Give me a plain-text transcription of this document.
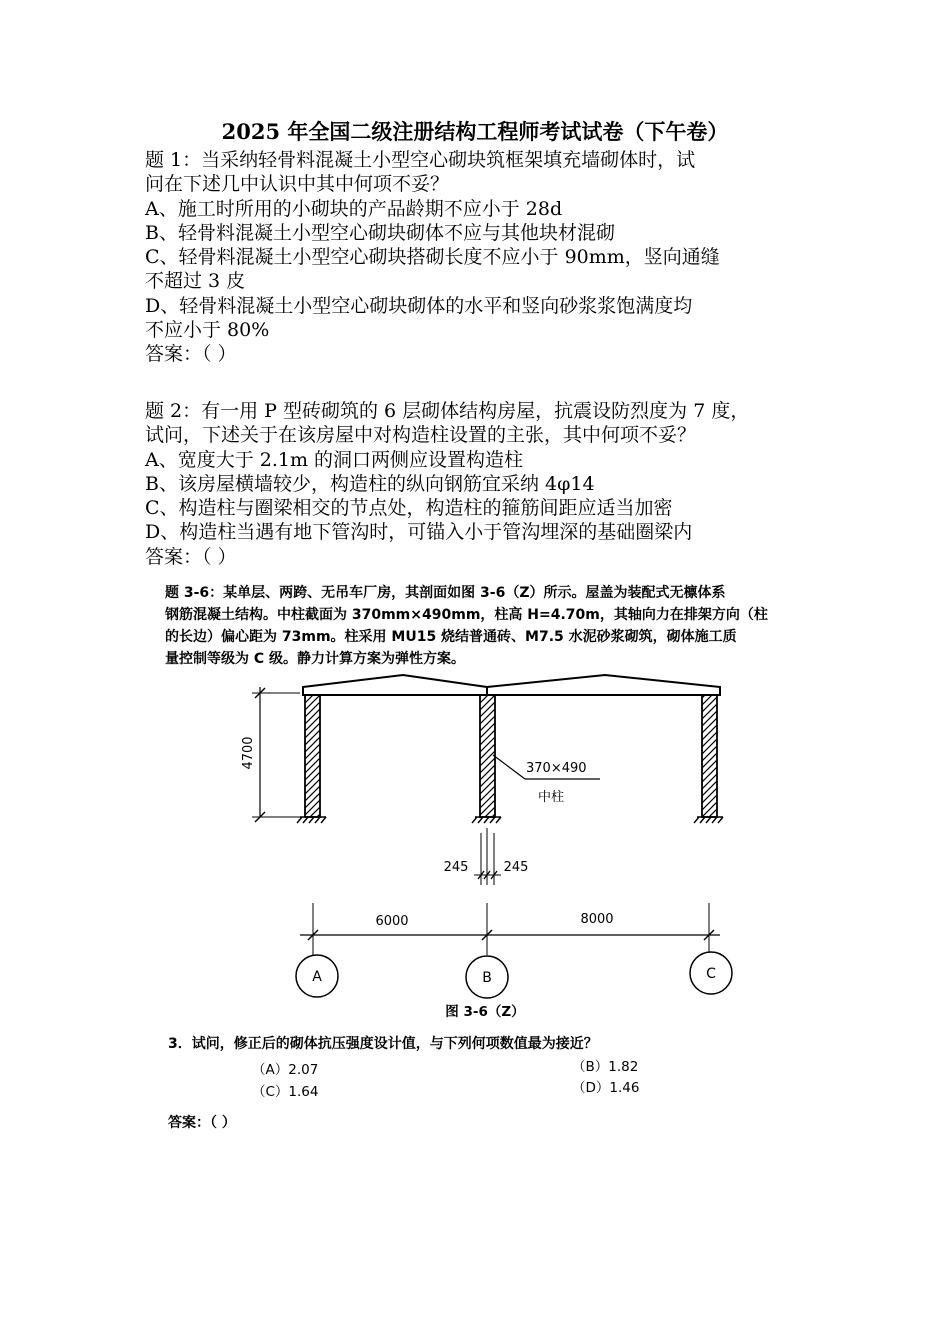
2025 年全国二级注册结构工程师考试试卷（下午卷）
题 1：当采纳轻骨料混凝土小型空心砌块筑框架填充墙砌体时，试
问在下述几中认识中其中何项不妥？
A、施工时所用的小砌块的产品龄期不应小于 28d
B、轻骨料混凝土小型空心砌块砌体不应与其他块材混砌
C、轻骨料混凝土小型空心砌块搭砌长度不应小于 90mm，竖向通缝
不超过 3 皮
D、轻骨料混凝土小型空心砌块砌体的水平和竖向砂浆浆饱满度均
不应小于 80%
答案：（ ）
题 2：有一用 P 型砖砌筑的 6 层砌体结构房屋，抗震设防烈度为 7 度，
试问，下述关于在该房屋中对构造柱设置的主张，其中何项不妥？
A、宽度大于 2.1m 的洞口两侧应设置构造柱
B、该房屋横墙较少，构造柱的纵向钢筋宜采纳 4φ14
C、构造柱与圈梁相交的节点处，构造柱的箍筋间距应适当加密
D、构造柱当遇有地下管沟时，可锚入小于管沟埋深的基础圈梁内
答案：（ ）
题 3-6：某单层、两跨、无吊车厂房，其剖面如图 3-6（Z）所示。屋盖为装配式无檩体系
钢筋混凝土结构。中柱截面为 370mm×490mm，柱高 H=4.70m，其轴向力在排架方向（柱
的长边）偏心距为 73mm。柱采用 MU15 烧结普通砖、M7.5 水泥砂浆砌筑，砌体施工质
量控制等级为 C 级。静力计算方案为弹性方案。
4700	370×490
中柱
245	245
6000	8000
A	B	C
图 3-6（Z）
3．试问，修正后的砌体抗压强度设计值，与下列何项数值最为接近？
（A）2.07	（B）1.82
（C）1.64	（D）1.46
答案：（ ）
